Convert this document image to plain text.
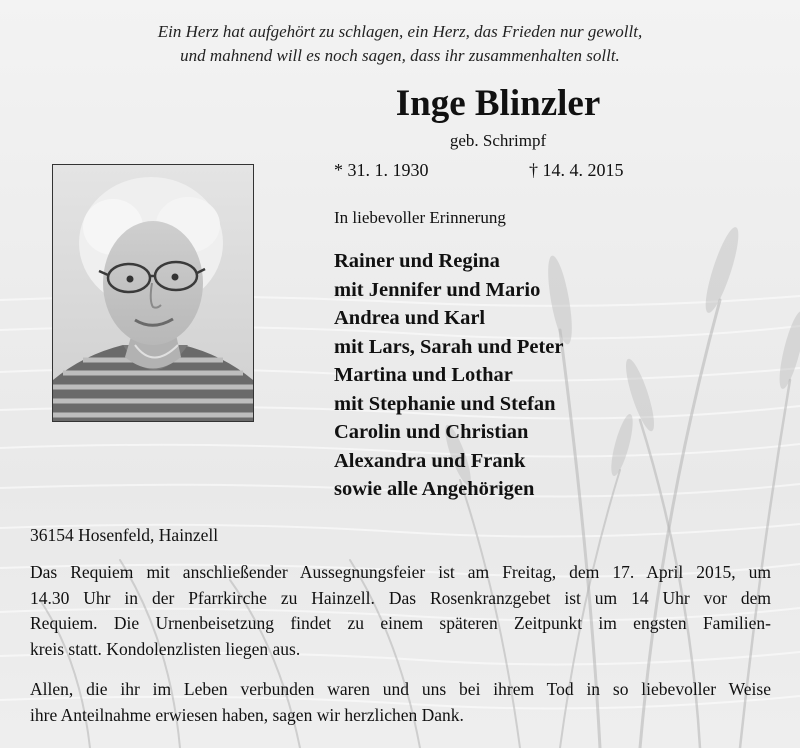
Ein Herz hat aufgehört zu schlagen, ein Herz, das Frieden nur gewollt,
und mahnend will es noch sagen, dass ihr zusammenhalten sollt.
Inge Blinzler
geb. Schrimpf
* 31. 1. 1930	† 14. 4. 2015
In liebevoller Erinnerung
Rainer und Regina
mit Jennifer und Mario
Andrea und Karl
mit Lars, Sarah und Peter
Martina und Lothar
mit Stephanie und Stefan
Carolin und Christian
Alexandra und Frank
sowie alle Angehörigen
36154 Hosenfeld, Hainzell
Das Requiem mit anschließender Aussegnungsfeier ist am Freitag, dem 17. April 2015, um
14.30 Uhr in der Pfarrkirche zu Hainzell. Das Rosenkranzgebet ist um 14 Uhr vor dem
Requiem. Die Urnenbeisetzung findet zu einem späteren Zeitpunkt im engsten Familien-
kreis statt. Kondolenzlisten liegen aus.
Allen, die ihr im Leben verbunden waren und uns bei ihrem Tod in so liebevoller Weise
ihre Anteilnahme erwiesen haben, sagen wir herzlichen Dank.
